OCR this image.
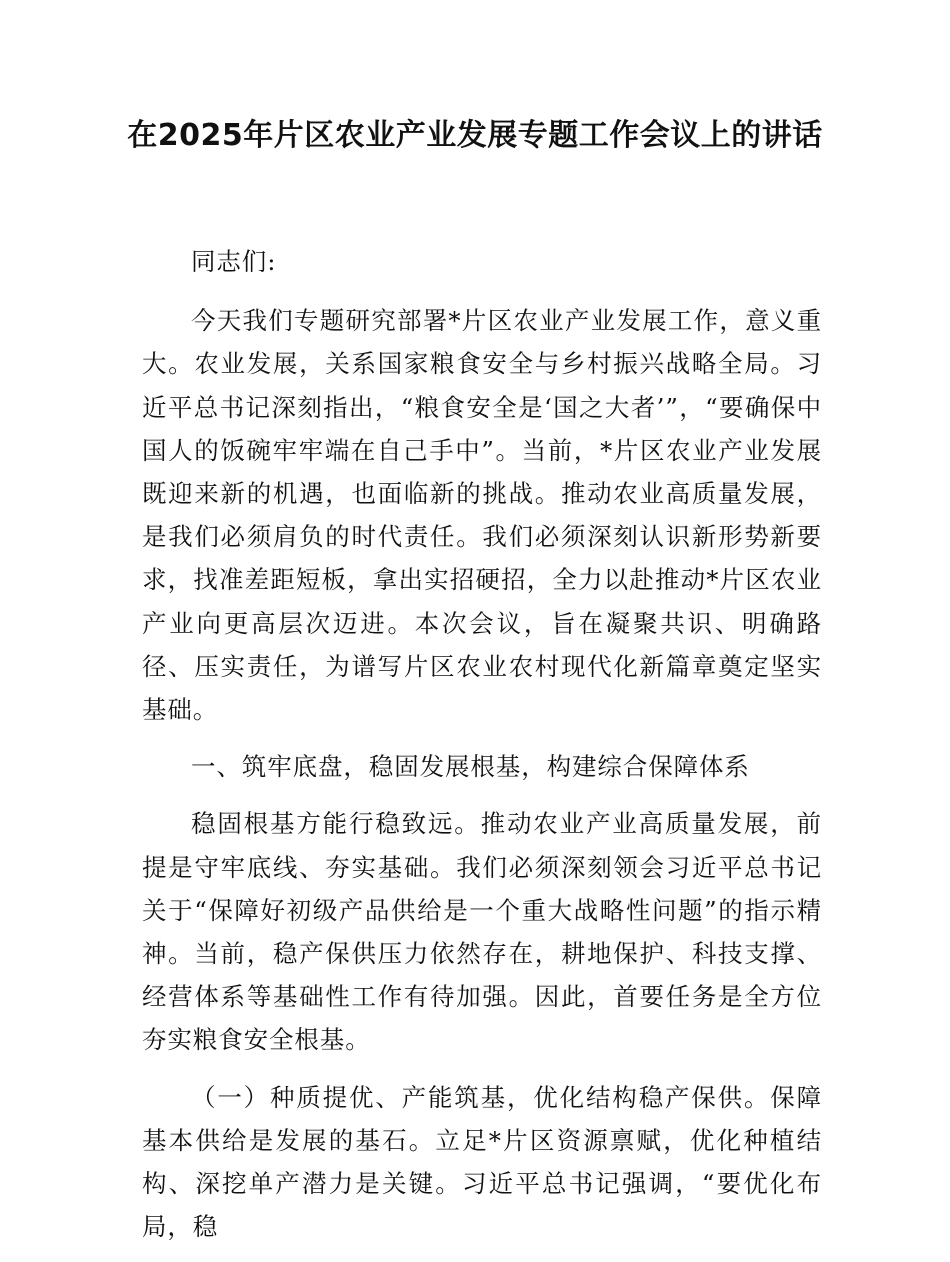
在2025年片区农业产业发展专题工作会议上的讲话

同志们:

今天我们专题研究部署*片区农业产业发展工作，意义重大。农业发展，关系国家粮食安全与乡村振兴战略全局。习近平总书记深刻指出，“粮食安全是‘国之大者’”，“要确保中国人的饭碗牢牢端在自己手中”。当前，*片区农业产业发展既迎来新的机遇，也面临新的挑战。推动农业高质量发展，是我们必须肩负的时代责任。我们必须深刻认识新形势新要求，找准差距短板，拿出实招硬招，全力以赴推动*片区农业产业向更高层次迈进。本次会议，旨在凝聚共识、明确路径、压实责任，为谱写片区农业农村现代化新篇章奠定坚实基础。

一、筑牢底盘，稳固发展根基，构建综合保障体系

稳固根基方能行稳致远。推动农业产业高质量发展，前提是守牢底线、夯实基础。我们必须深刻领会习近平总书记关于“保障好初级产品供给是一个重大战略性问题”的指示精神。当前，稳产保供压力依然存在，耕地保护、科技支撑、经营体系等基础性工作有待加强。因此，首要任务是全方位夯实粮食安全根基。

（一）种质提优、产能筑基，优化结构稳产保供。保障基本供给是发展的基石。立足*片区资源禀赋，优化种植结构、深挖单产潜力是关键。习近平总书记强调，“要优化布局，稳
